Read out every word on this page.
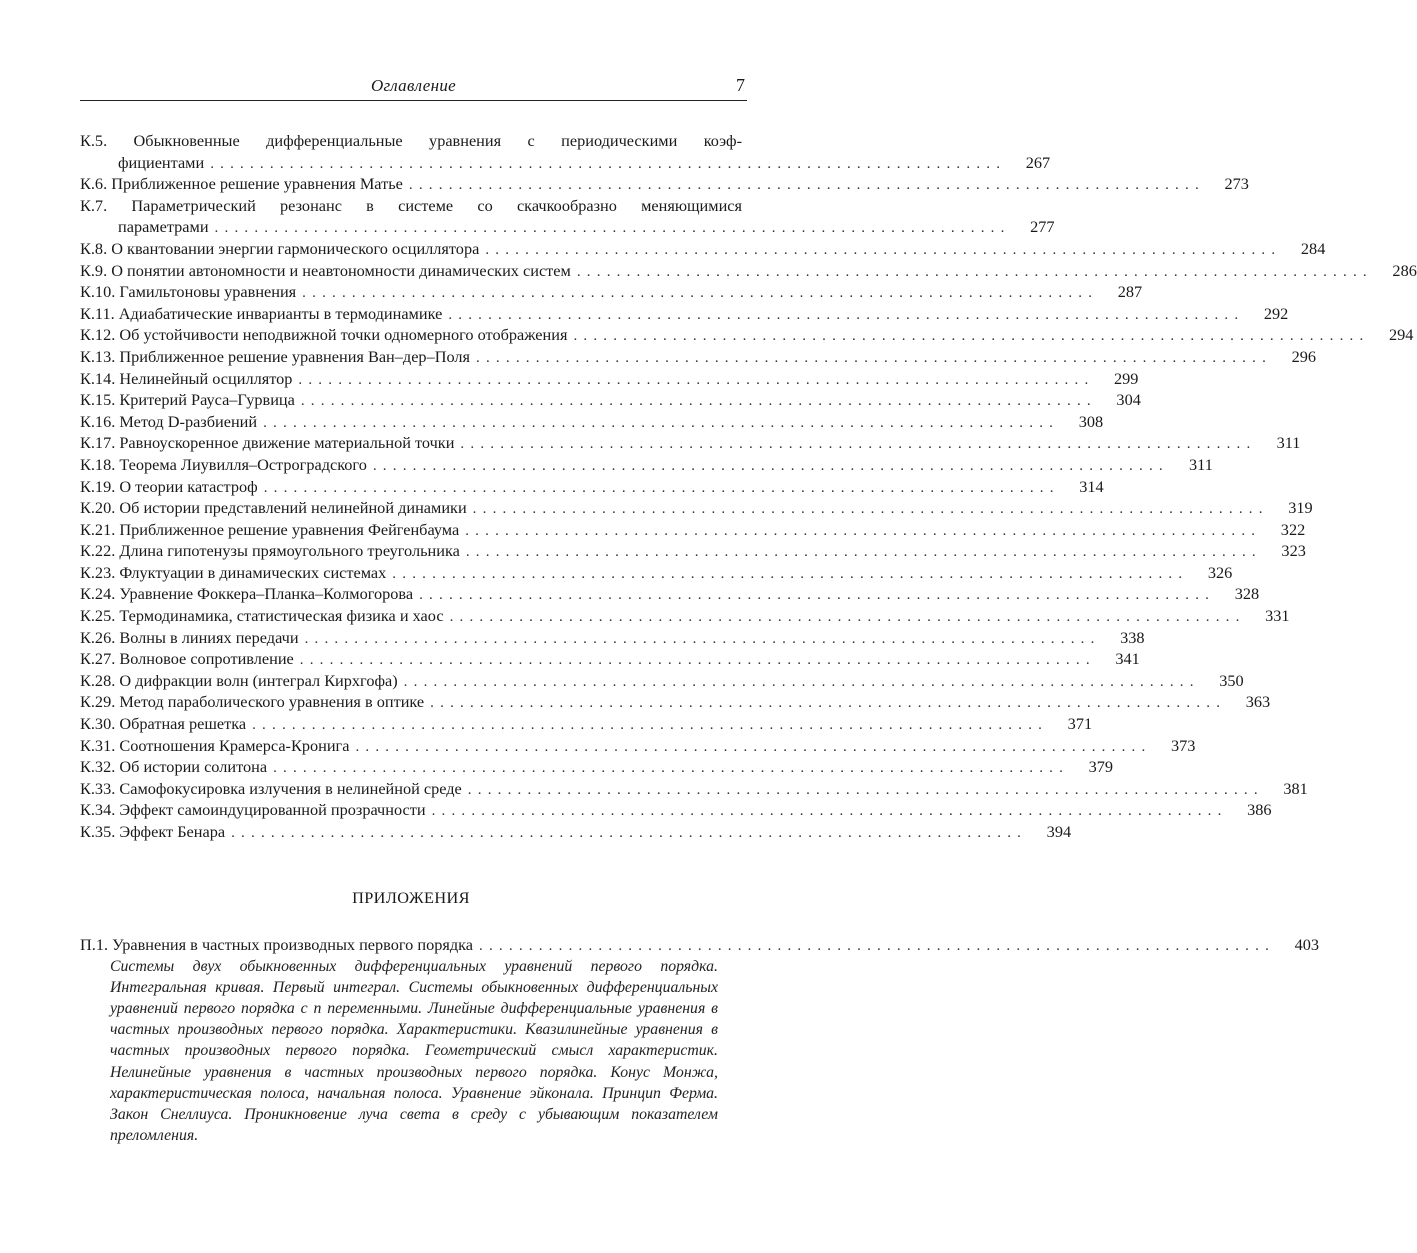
Оглавление	7
К.5. Обыкновенные дифференциальные уравнения с периодическими коэф-
фициентами ................................................................................	267
К.6. Приближенное решение уравнения Матье ................................................................................	273
К.7. Параметрический резонанс в системе со скачкообразно меняющимися
параметрами ................................................................................	277
К.8. О квантовании энергии гармонического осциллятора ................................................................................	284
К.9. О понятии автономности и неавтономности динамических систем ................................................................................	286
К.10. Гамильтоновы уравнения ................................................................................	287
К.11. Адиабатические инварианты в термодинамике ................................................................................	292
К.12. Об устойчивости неподвижной точки одномерного отображения ................................................................................	294
К.13. Приближенное решение уравнения Ван–дер–Поля ................................................................................	296
К.14. Нелинейный осциллятор ................................................................................	299
К.15. Критерий Рауса–Гурвица ................................................................................	304
К.16. Метод D-разбиений ................................................................................	308
К.17. Равноускоренное движение материальной точки ................................................................................	311
К.18. Теорема Лиувилля–Остроградского ................................................................................	311
К.19. О теории катастроф ................................................................................	314
К.20. Об истории представлений нелинейной динамики ................................................................................	319
К.21. Приближенное решение уравнения Фейгенбаума ................................................................................	322
К.22. Длина гипотенузы прямоугольного треугольника ................................................................................	323
К.23. Флуктуации в динамических системах ................................................................................	326
К.24. Уравнение Фоккера–Планка–Колмогорова ................................................................................	328
К.25. Термодинамика, статистическая физика и хаос ................................................................................	331
К.26. Волны в линиях передачи ................................................................................	338
К.27. Волновое сопротивление ................................................................................	341
К.28. О дифракции волн (интеграл Кирхгофа) ................................................................................	350
К.29. Метод параболического уравнения в оптике ................................................................................	363
К.30. Обратная решетка ................................................................................	371
К.31. Соотношения Крамерса-Кронига ................................................................................	373
К.32. Об истории солитона ................................................................................	379
К.33. Самофокусировка излучения в нелинейной среде ................................................................................	381
К.34. Эффект самоиндуцированной прозрачности ................................................................................	386
К.35. Эффект Бенара ................................................................................	394
ПРИЛОЖЕНИЯ
П.1. Уравнения в частных производных первого порядка ................................................................................	403
Системы двух обыкновенных дифференциальных уравнений первого порядка. Интегральная кривая. Первый интеграл. Системы обыкновенных дифференциальных уравнений первого порядка с n переменными. Линейные дифференциальные уравнения в частных производных первого порядка. Характеристики. Квазилинейные уравнения в частных производных первого порядка. Геометрический смысл характеристик. Нелинейные уравнения в частных производных первого порядка. Конус Монжа, характеристическая полоса, начальная полоса. Уравнение эйконала. Принцип Ферма. Закон Снеллиуса. Проникновение луча света в среду с убывающим показателем преломления.
